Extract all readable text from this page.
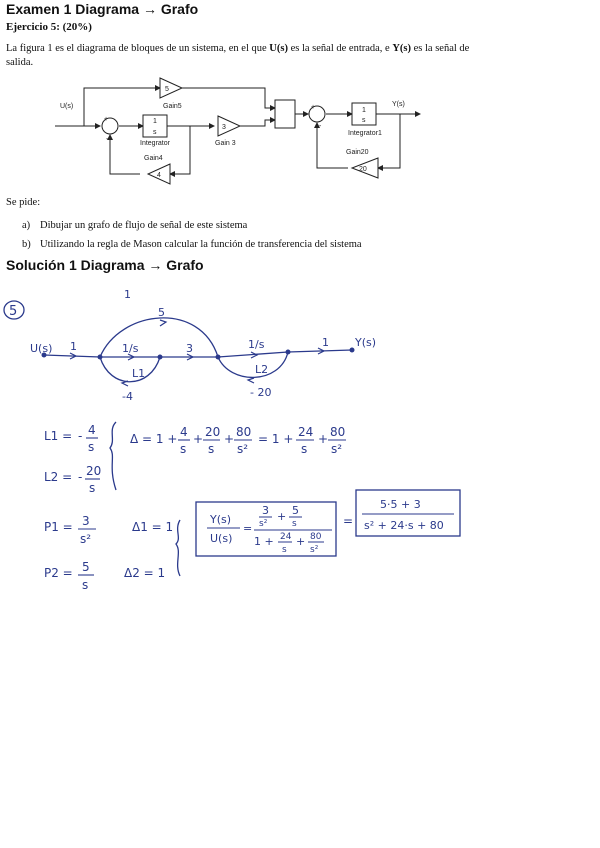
Examen 1 Diagrama → Grafo
Ejercicio 5: (20%)
La figura 1 es el diagrama de bloques de un sistema, en el que U(s) es la señal de entrada, e Y(s) es la señal de salida.
U(s)	Y(s)
5
Gain5
1
s
Integrator
3
Gain 3
4
Gain4
1
s
Integrator1
20
Gain20
+
-
+
-
Se pide:
a) Dibujar un grafo de flujo de señal de este sistema
b) Utilizando la regla de Mason calcular la función de transferencia del sistema
Solución 1 Diagrama → Grafo
5
U(s)	Y(s)
1	1/s	3	1/s	1
5
1
L1	L2
-4	- 20
L1 = - 4
s
L2 = - 20
s
Δ = 1 + 4
s
+ 20
s
+ 80
s²
= 1 + 24
s
+ 80
s²
P1 = 3
s²
Δ1 = 1
P2 = 5
s
Δ2 = 1
Y(s)
U(s)
=
3
s²
+ 5
s
1 + 24
s
+ 80
s²
=
5·5 + 3
s² + 24·s + 80
